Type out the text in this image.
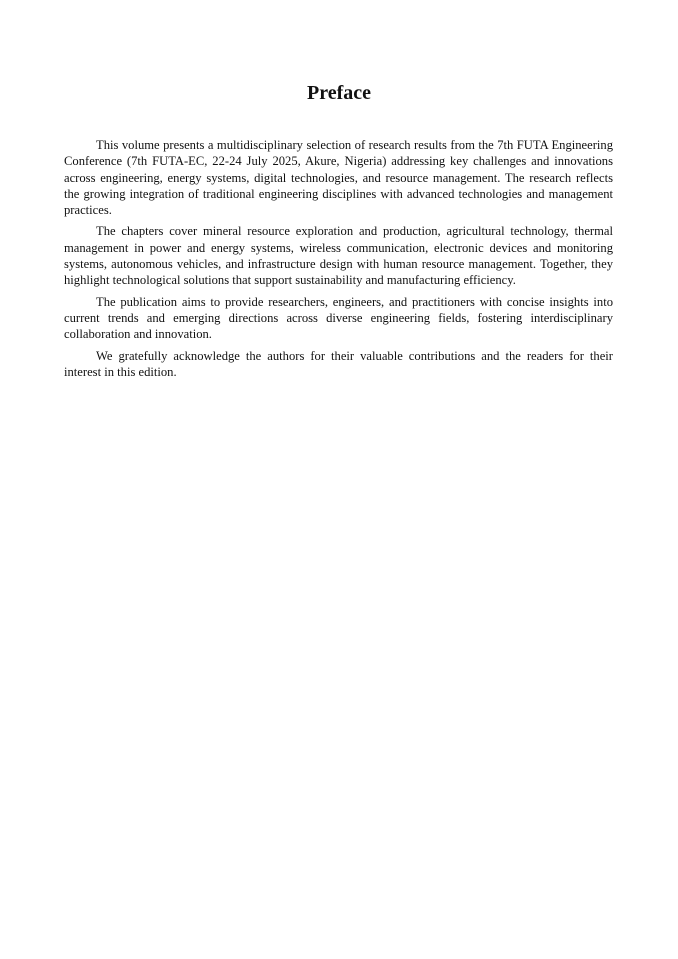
Preface

This volume presents a multidisciplinary selection of research results from the 7th FUTA Engineering Conference (7th FUTA-EC, 22-24 July 2025, Akure, Nigeria) addressing key challenges and innovations across engineering, energy systems, digital technologies, and resource management. The research reflects the growing integration of traditional engineering disciplines with advanced technologies and management practices.

The chapters cover mineral resource exploration and production, agricultural technology, thermal management in power and energy systems, wireless communication, electronic devices and monitoring systems, autonomous vehicles, and infrastructure design with human resource management. Together, they highlight technological solutions that support sustainability and manufacturing efficiency.

The publication aims to provide researchers, engineers, and practitioners with concise insights into current trends and emerging directions across diverse engineering fields, fostering interdisciplinary collaboration and innovation.

We gratefully acknowledge the authors for their valuable contributions and the readers for their interest in this edition.
